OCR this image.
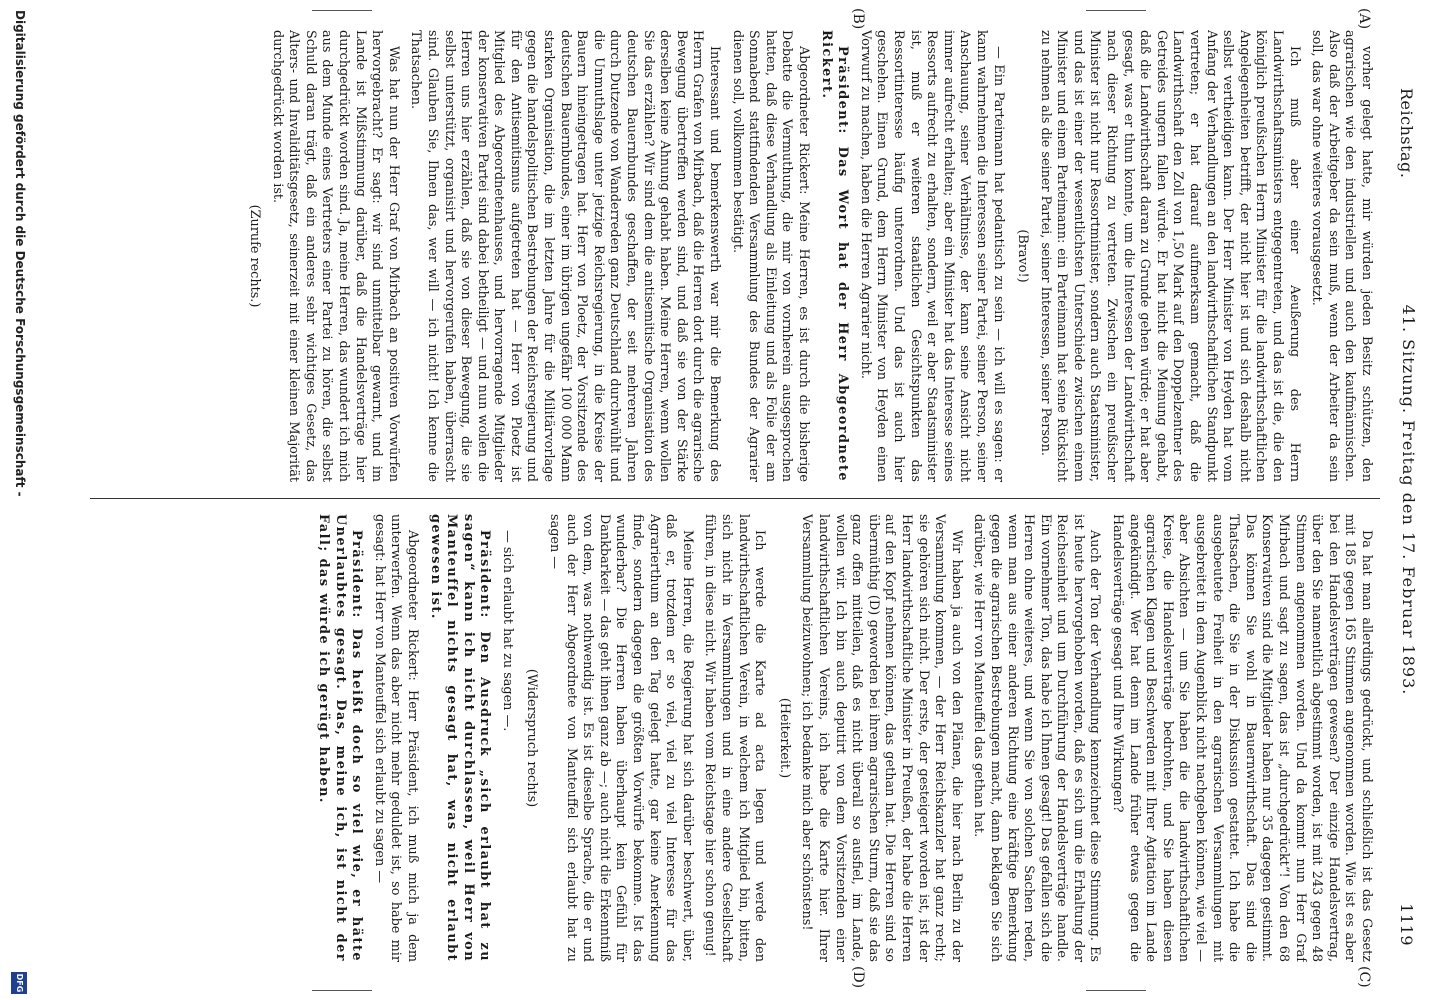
Reichstag.
41. Sitzung. Freitag den 17. Februar 1893.
1119
(A)
(B)
(C)
(D)

vorher gelegt hatte, mir würden jeden Besitz schützen, den agrarischen wie den industriellen und auch den kaufmännischen. Also daß der Arbeitgeber da sein muß, wenn der Arbeiter da sein soll, das war ohne weiteres vorausgesetzt.

Ich muß aber einer Aeußerung des Herrn Landwirthschaftsministers entgegentreten, und das ist die, die den königlich preußischen Herrn Minister für die landwirthschaftlichen Angelegenheiten betrifft, der nicht hier ist und sich deshalb nicht selbst vertheidigen kann. Der Herr Minister von Heyden hat vom Anfang der Verhandlungen an den landwirthschaftlichen Standpunkt vertreten; er hat darauf aufmerksam gemacht, daß die Landwirthschaft den Zoll von 1,50 Mark auf den Doppelzentner des Getreides ungern fallen würde. Er hat nicht die Meinung gehabt, daß die Landwirthschaft daran zu Grunde gehen würde; er hat aber gesagt, was er thun konnte, um die Interessen der Landwirthschaft nach dieser Richtung zu vertreten. Zwischen ein preußischer Minister ist nicht nur Ressortminister, sondern auch Staatsminister, und das ist einer der wesentlichsten Unterschiede zwischen einem Minister und einem Parteimann: ein Parteimann hat seine Rücksicht zu nehmen als die seiner Partei, seiner Interessen, seiner Person.

(Bravo!)

— Ein Parteimann hat pedantisch zu sein — ich will es sagen: er kann wahrnehmen die Interessen seiner Partei, seiner Person, seiner Anschauung, seiner Verhältnisse, der kann seine Ansicht nicht immer aufrecht erhalten; aber ein Minister hat das Interesse seines Ressorts aufrecht zu erhalten, sondern, weil er aber Staatsminister ist, muß er weiteren staatlichen Gesichtspunkten das Ressortinteresse häufig unterordnen. Und das ist auch hier geschehen. Einen Grund, dem Herrn Minister von Heyden einen Vorwurf zu machen, haben die Herren Agrarier nicht.

Präsident: Das Wort hat der Herr Abgeordnete Rickert.

Abgeordneter Rickert: Meine Herren, es ist durch die bisherige Debatte die Vermuthung, die mir von vornherein ausgesprochen hatten, daß diese Verhandlung als Einleitung und als Folie der am Sonnabend stattfindenden Versammlung des Bundes der Agrarier dienen soll, vollkommen bestätigt.

Interessant und bemerkenswerth war mir die Bemerkung des Herrn Grafen von Mirbach, daß die Herren dort durch die agrarische Bewegung übertreffen werden sind, und daß sie von der Stärke derselben keine Ahnung gehabt haben. Meine Herren, wenn wollen Sie das erzählen? Wir sind dem die antisemitische Organisation des deutschen Bauernbundes geschaffen, der seit mehreren Jahren durch Dutzende von Wanderreden ganz Deutschland durchwühlt und die Unmuthslage unter jetzige Reichsregierung, in die Kreise der Bauern hineingetragen hat. Herr von Ploetz, der Vorsitzende des deutschen Bauernbundes, einer im übrigen ungefähr 100 000 Mann starken Organisation, die im letzten Jahre für die Militärvorlage gegen die handelspolitischen Bestrebungen der Reichsregierung und für den Antisemitismus aufgetreten hat — Herr von Ploetz ist Mitglied des Abgeordnetenhauses, und hervorragende Mitglieder der konservativen Partei sind dabei betheiligt — und nun wollen die Herren uns hier erzählen, daß sie von dieser Bewegung, die sie selbst unterstützt, organisirt und hervorgerufen haben, überrascht sind. Glauben Sie, Ihnen das, wer will — ich nicht! Ich kenne die Thatsachen.

Was hat nun der Herr Graf von Mirbach an positiven Vorwürfen hervorgebracht? Er sagt: wir sind unmittelbar gewarnt, und im Lande ist Mißstimmung darüber, daß die Handelsverträge hier durchgedrückt worden sind. Ja, meine Herren, das wundert ich mich aus dem Munde eines Vertreters einer Partei zu hören, die selbst Schuld daran trägt, daß ein anderes sehr wichtiges Gesetz, das Alters- und Invaliditätsgesetz, seinerzeit mit einer kleinen Majorität durchgedrückt worden ist.

(Zurufe rechts.)

Da hat man allerdings gedrückt, und schließlich ist das Gesetz mit 185 gegen 165 Stimmen angenommen worden. Wie ist es aber bei den Handelsverträgen gewesen? Der einzige Handelsvertrag, über den Sie namentlich abgestimmt worden, ist mit 243 gegen 48 Stimmen angenommen worden. Und da kommt nun Herr Graf Mirbach und sagt zu sagen, das ist „durchgedrückt“! Von den 68 Konservativen sind die Mitglieder haben nur 35 dagegen gestimmt. Das können Sie wohl in Bauernwirthschaft. Das sind die Thatsachen, die Sie in der Diskussion gestattet. Ich habe die ausgebeutete Freiheit in den agrarischen Versammlungen mit ausgebreitet in dem Augenblick nicht nachgeben können, wie viel — aber Absichten — um Sie haben die die landwirthschaftlichen Kreise, die Handelsverträge bedrohten, und Sie haben diesen agrarischen Klagen und Beschwerden mit Ihrer Agitation im Lande angekündigt. Wer hat denn im Lande früher etwas gegen die Handelsverträge gesagt und Ihre Wirkungen?

Auch der Ton der Verhandlung kennzeichnet diese Stimmung. Es ist heute hervorgehoben worden, daß es sich um die Erhaltung der Reichseinheit und um Durchführung der Handelsverträge handle. Ein vornehmer Ton, das habe ich Ihnen gesagt! Das gefallen sich die Herren ohne weiteres, und wenn Sie von solchen Sachen reden, wenn man aus einer anderen Richtung eine kräftige Bemerkung gegen die agrarischen Bestrebungen macht, dann beklagen Sie sich darüber, wie Herr von Manteuffel das gethan hat.

Wir haben ja auch von den Plänen, die hier nach Berlin zu der Versammlung kommen, — der Herr Reichskanzler hat ganz recht; sie gehören sich nicht. Der erste, der gesteigert worden ist, ist der Herr landwirthschaftliche Minister in Preußen, der habe die Herren auf den Kopf nehmen können, das gethan hat. Die Herren sind so übermüthig (D) geworden bei ihrem agrarischen Sturm, daß sie das ganz offen mitteilen, daß es nicht überall so ausfiel, im Lande, wollen wir. Ich bin auch deputirt von dem Vorsitzenden einer landwirthschaftlichen Vereins, ich habe die Karte hier. Ihrer Versammlung beizuwohnen; ich bedanke mich aber schönstens!

(Heiterkeit.)

Ich werde die Karte ad acta legen und werde den landwirthschaftlichen Verein, in welchem ich Mitglied bin, bitten, sich nicht in Versammlungen und in eine andere Gesellschaft führen, in diese nicht. Wir haben vom Reichstage hier schon genug!

Meine Herren, die Regierung hat sich darüber beschwert, über, daß er, trotzdem er so viel, viel zu viel Interesse für das Agrarierthum an den Tag gelegt hatte, gar keine Anerkennung finde, sondern dagegen die größten Vorwürfe bekomme. Ist das wunderbar? Die Herren haben überhaupt kein Gefühl für Dankbarkeit — das geht ihnen ganz ab —; auch nicht die Erkenntniß von dem, was nothwendig ist. Es ist dieselbe Sprache, die er und auch der Herr Abgeordnete von Manteuffel sich erlaubt hat zu sagen —

(Widerspruch rechts)

— sich erlaubt hat zu sagen —.

Präsident: Den Ausdruck „sich erlaubt hat zu sagen“ kann ich nicht durchlassen, weil Herr von Manteuffel nichts gesagt hat, was nicht erlaubt gewesen ist.

Abgeordneter Rickert: Herr Präsident, ich muß mich ja dem unterwerfen. Wenn das aber nicht mehr geduldet ist, so habe mir gesagt: hat Herr von Manteuffel sich erlaubt zu sagen —

Präsident: Das heißt doch so viel wie, er hätte Unerlaubtes gesagt. Das, meine ich, ist nicht der Fall; das würde ich gerügt haben.

Digitalisierung gefördert durch die Deutsche Forschungsgemeinschaft -
DFG
